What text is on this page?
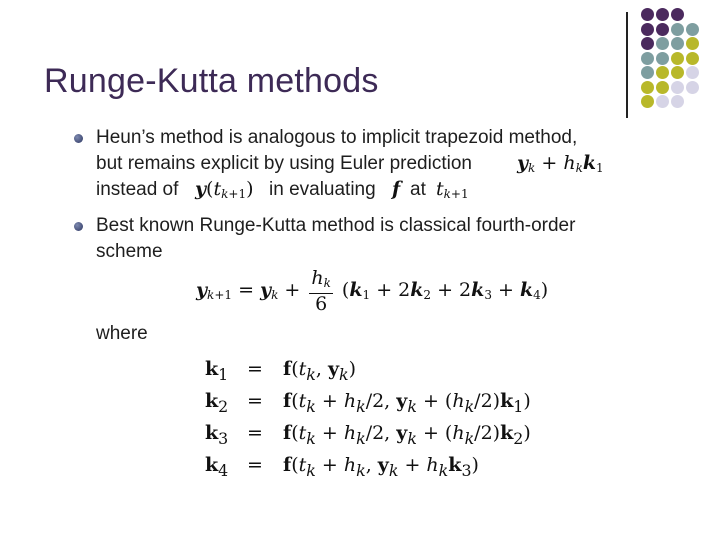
Runge-Kutta methods
Heun’s method is analogous to implicit trapezoid method,
but remains explicit by using Euler prediction $y_k + h_kk_1$
instead of $y(t_{k+1})$ in evaluating f at $t_{k+1}$
Best known Runge-Kutta method is classical fourth-order
scheme
$y_{k+1} = y_k + \frac{h_k}{6} (k_1 + 2k_2 + 2k_3 + k_4)$
where
$k_1 = f(t_k$, $y_k$)
$k_2 = f(t_k + h_k/2$, $y_k + (h_k/2)k_1$)
$k_3 = f(t_k + h_k/2$, $y_k + (h_k/2)k_2$)
$k_4 = f(t_k + h_k$, $y_k + h_kk_3$)
